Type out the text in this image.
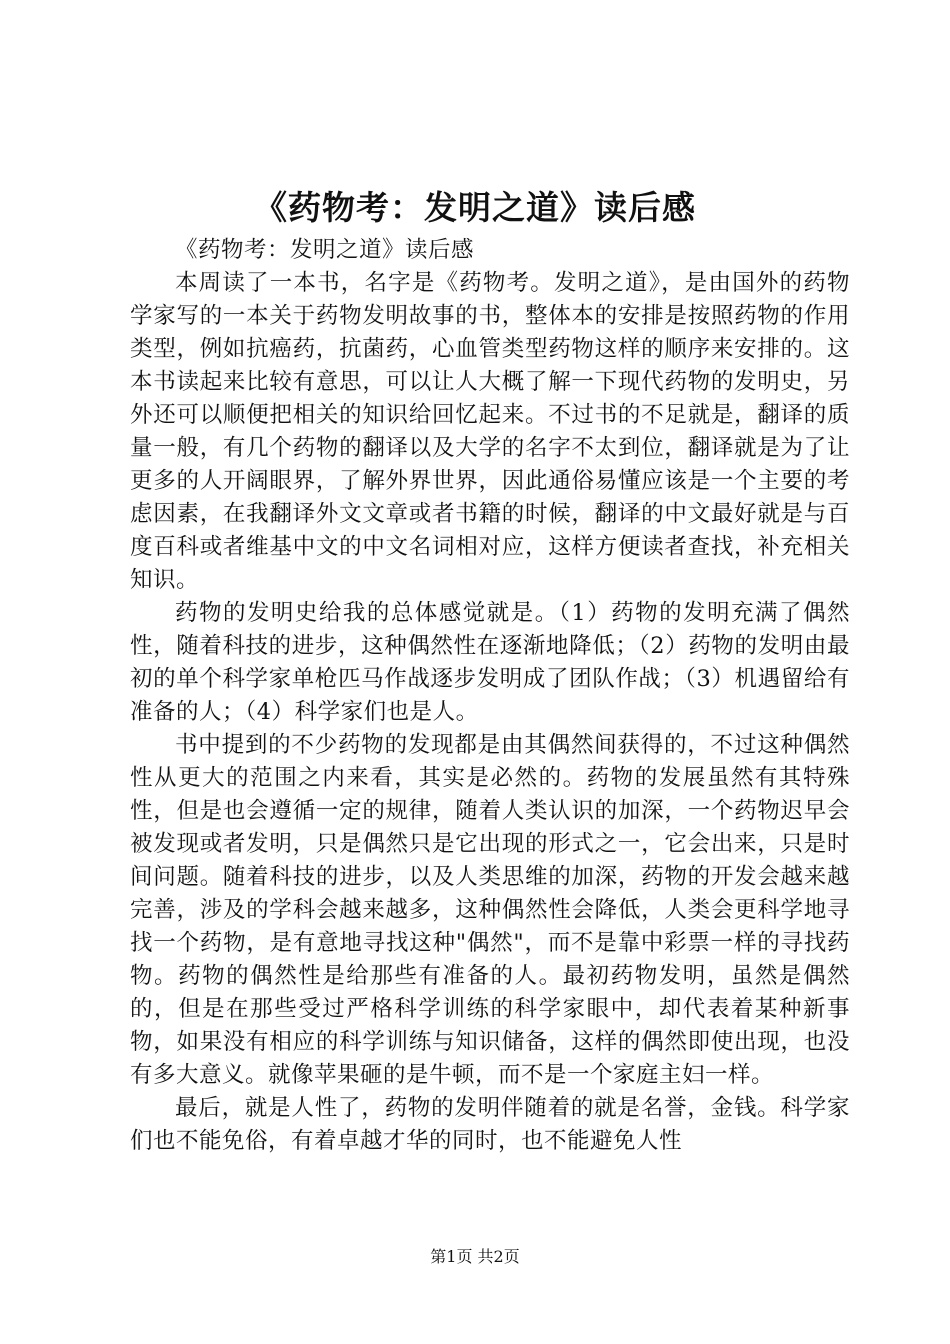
《药物考：发明之道》读后感

《药物考：发明之道》读后感

本周读了一本书，名字是《药物考。发明之道》，是由国外的药物学家写的一本关于药物发明故事的书，整体本的安排是按照药物的作用类型，例如抗癌药，抗菌药，心血管类型药物这样的顺序来安排的。这本书读起来比较有意思，可以让人大概了解一下现代药物的发明史，另外还可以顺便把相关的知识给回忆起来。不过书的不足就是，翻译的质量一般，有几个药物的翻译以及大学的名字不太到位，翻译就是为了让更多的人开阔眼界，了解外界世界，因此通俗易懂应该是一个主要的考虑因素，在我翻译外文文章或者书籍的时候，翻译的中文最好就是与百度百科或者维基中文的中文名词相对应，这样方便读者查找，补充相关知识。

药物的发明史给我的总体感觉就是。（1）药物的发明充满了偶然性，随着科技的进步，这种偶然性在逐渐地降低；（2）药物的发明由最初的单个科学家单枪匹马作战逐步发明成了团队作战；（3）机遇留给有准备的人；（4）科学家们也是人。

书中提到的不少药物的发现都是由其偶然间获得的，不过这种偶然性从更大的范围之内来看，其实是必然的。药物的发展虽然有其特殊性，但是也会遵循一定的规律，随着人类认识的加深，一个药物迟早会被发现或者发明，只是偶然只是它出现的形式之一，它会出来，只是时间问题。随着科技的进步，以及人类思维的加深，药物的开发会越来越完善，涉及的学科会越来越多，这种偶然性会降低，人类会更科学地寻找一个药物，是有意地寻找这种"偶然"，而不是靠中彩票一样的寻找药物。药物的偶然性是给那些有准备的人。最初药物发明，虽然是偶然的，但是在那些受过严格科学训练的科学家眼中，却代表着某种新事物，如果没有相应的科学训练与知识储备，这样的偶然即使出现，也没有多大意义。就像苹果砸的是牛顿，而不是一个家庭主妇一样。

最后，就是人性了，药物的发明伴随着的就是名誉，金钱。科学家们也不能免俗，有着卓越才华的同时，也不能避免人性

第1页 共2页
